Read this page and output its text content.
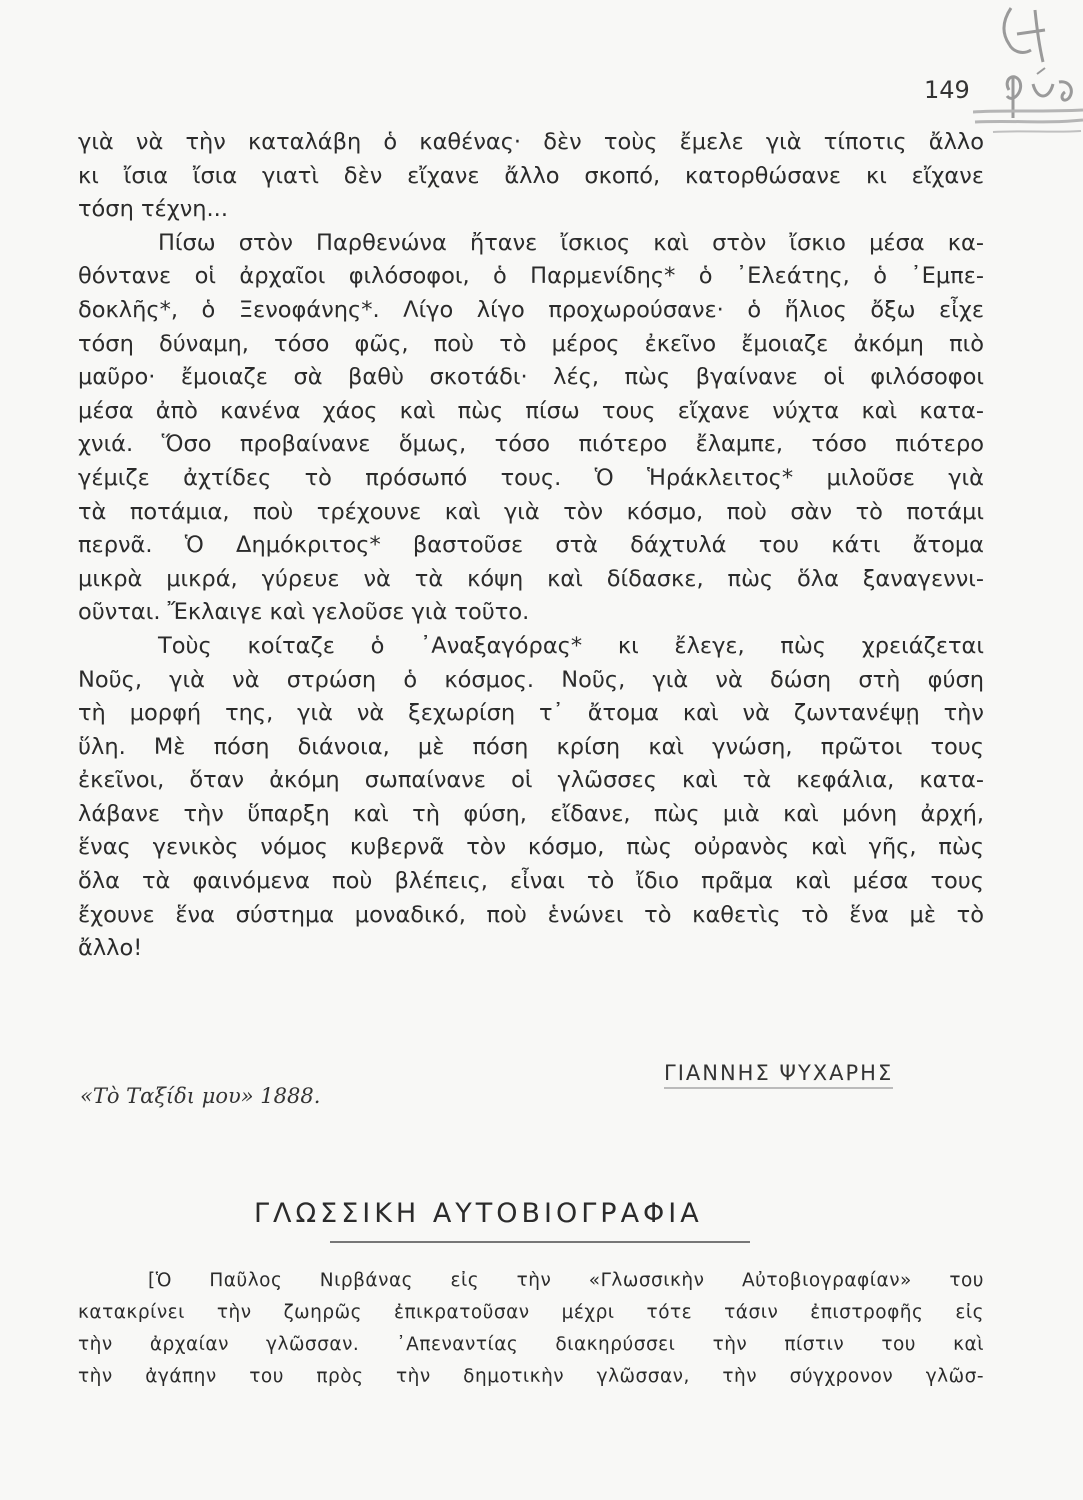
149
γιὰ νὰ τὴν καταλάβη ὁ καθένας· δὲν τοὺς ἔμελε γιὰ τίποτις ἄλλο
κι ἴσια ἴσια γιατὶ δὲν εἴχανε ἄλλο σκοπό, κατορθώσανε κι εἴχανε
τόση τέχνη...
Πίσω στὸν Παρθενώνα ἤτανε ἴσκιος καὶ στὸν ἴσκιο μέσα κα-
θόντανε οἱ ἀρχαῖοι φιλόσοφοι, ὁ Παρμενίδης* ὁ ᾿Ελεάτης, ὁ ᾿Εμπε-
δοκλῆς*, ὁ Ξενοφάνης*. Λίγο λίγο προχωρούσανε· ὁ ἥλιος ὄξω εἶχε
τόση δύναμη, τόσο φῶς, ποὺ τὸ μέρος ἐκεῖνο ἔμοιαζε ἀκόμη πιὸ
μαῦρο· ἔμοιαζε σὰ βαθὺ σκοτάδι· λές, πὼς βγαίνανε οἱ φιλόσοφοι
μέσα ἀπὸ κανένα χάος καὶ πὼς πίσω τους εἴχανε νύχτα καὶ κατα-
χνιά. Ὅσο προβαίνανε ὅμως, τόσο πιότερο ἔλαμπε, τόσο πιότερο
γέμιζε ἀχτίδες τὸ πρόσωπό τους. Ὁ Ἡράκλειτος* μιλοῦσε γιὰ
τὰ ποτάμια, ποὺ τρέχουνε καὶ γιὰ τὸν κόσμο, ποὺ σὰν τὸ ποτάμι
περνᾶ. Ὁ Δημόκριτος* βαστοῦσε στὰ δάχτυλά του κάτι ἄτομα
μικρὰ μικρά, γύρευε νὰ τὰ κόψη καὶ δίδασκε, πὼς ὅλα ξαναγεννι-
οῦνται. Ἔκλαιγε καὶ γελοῦσε γιὰ τοῦτο.
Τοὺς κοίταζε ὁ ᾿Αναξαγόρας* κι ἔλεγε, πὼς χρειάζεται
Νοῦς, γιὰ νὰ στρώση ὁ κόσμος. Νοῦς, γιὰ νὰ δώση στὴ φύση
τὴ μορφή της, γιὰ νὰ ξεχωρίση τ᾿ ἄτομα καὶ νὰ ζωντανέψῃ τὴν
ὕλη. Μὲ πόση διάνοια, μὲ πόση κρίση καὶ γνώση, πρῶτοι τους
ἐκεῖνοι, ὅταν ἀκόμη σωπαίνανε οἱ γλῶσσες καὶ τὰ κεφάλια, κατα-
λάβανε τὴν ὕπαρξη καὶ τὴ φύση, εἴδανε, πὼς μιὰ καὶ μόνη ἀρχή,
ἕνας γενικὸς νόμος κυβερνᾶ τὸν κόσμο, πὼς οὐρανὸς καὶ γῆς, πὼς
ὅλα τὰ φαινόμενα ποὺ βλέπεις, εἶναι τὸ ἴδιο πρᾶμα καὶ μέσα τους
ἔχουνε ἕνα σύστημα μοναδικό, ποὺ ἑνώνει τὸ καθετὶς τὸ ἕνα μὲ τὸ
ἄλλο!
ΓΙΑΝΝΗΣ ΨΥΧΑΡΗΣ
«Τὸ Ταξίδι μου» 1888.
ΓΛΩΣΣΙΚΗ ΑΥΤΟΒΙΟΓΡΑΦΙΑ
[Ὁ Παῦλος Νιρβάνας εἰς τὴν «Γλωσσικὴν Αὐτοβιογραφίαν» του
κατακρίνει τὴν ζωηρῶς ἐπικρατοῦσαν μέχρι τότε τάσιν ἐπιστροφῆς εἰς
τὴν ἀρχαίαν γλῶσσαν. ᾿Απεναντίας διακηρύσσει τὴν πίστιν του καὶ
τὴν ἀγάπην του πρὸς τὴν δημοτικὴν γλῶσσαν, τὴν σύγχρονον γλῶσ-
